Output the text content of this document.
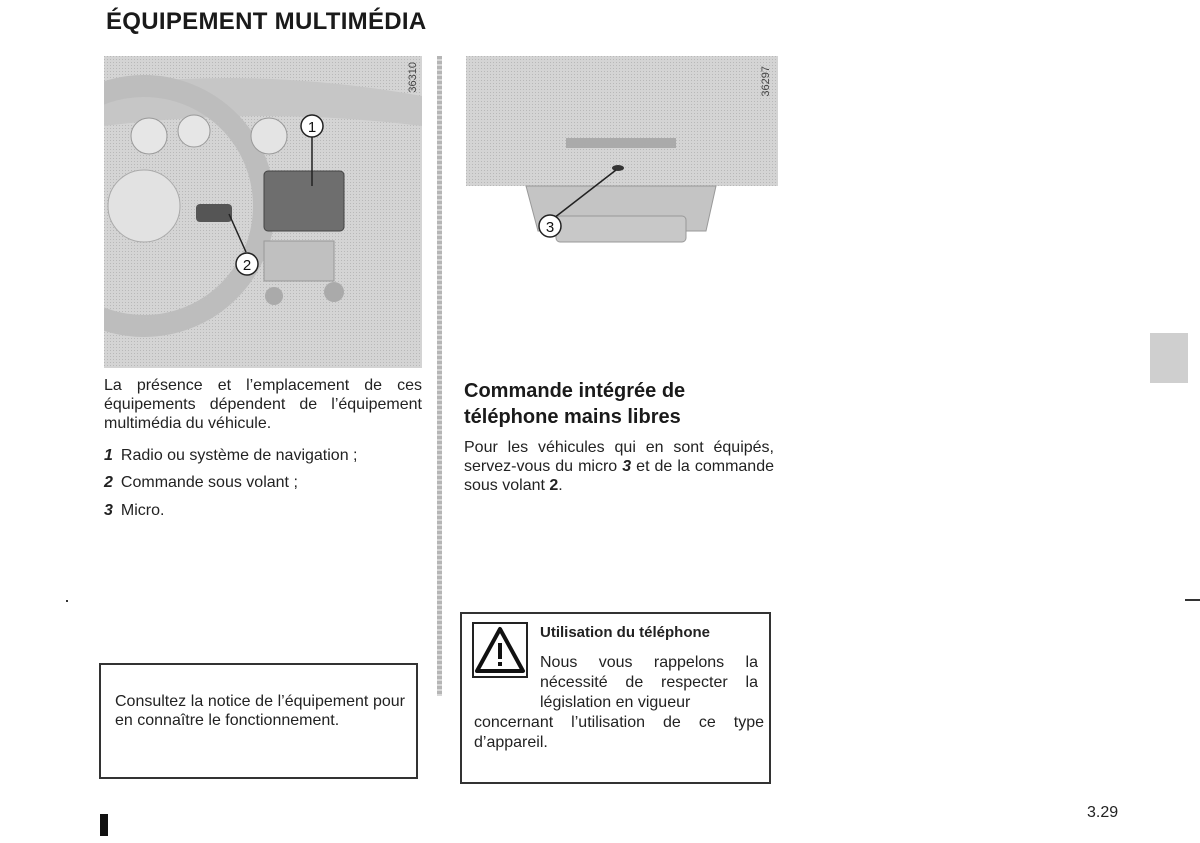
ÉQUIPEMENT MULTIMÉDIA
1
2
36310
3
36297
La présence et l’emplacement de ces équipements dépendent de l’équipement multimédia du véhicule.
1 Radio ou système de navigation ;
2 Commande sous volant ;
3 Micro.
Consultez la notice de l’équipement pour en connaître le fonctionnement.
Commande intégrée de
téléphone mains libres
Pour les véhicules qui en sont équipés, servez-vous du micro 3 et de la commande sous volant 2.
Utilisation du téléphone
Nous vous rappelons la nécessité de respecter la législation en vigueur
concernant l’utilisation de ce type d’appareil.
3.29
